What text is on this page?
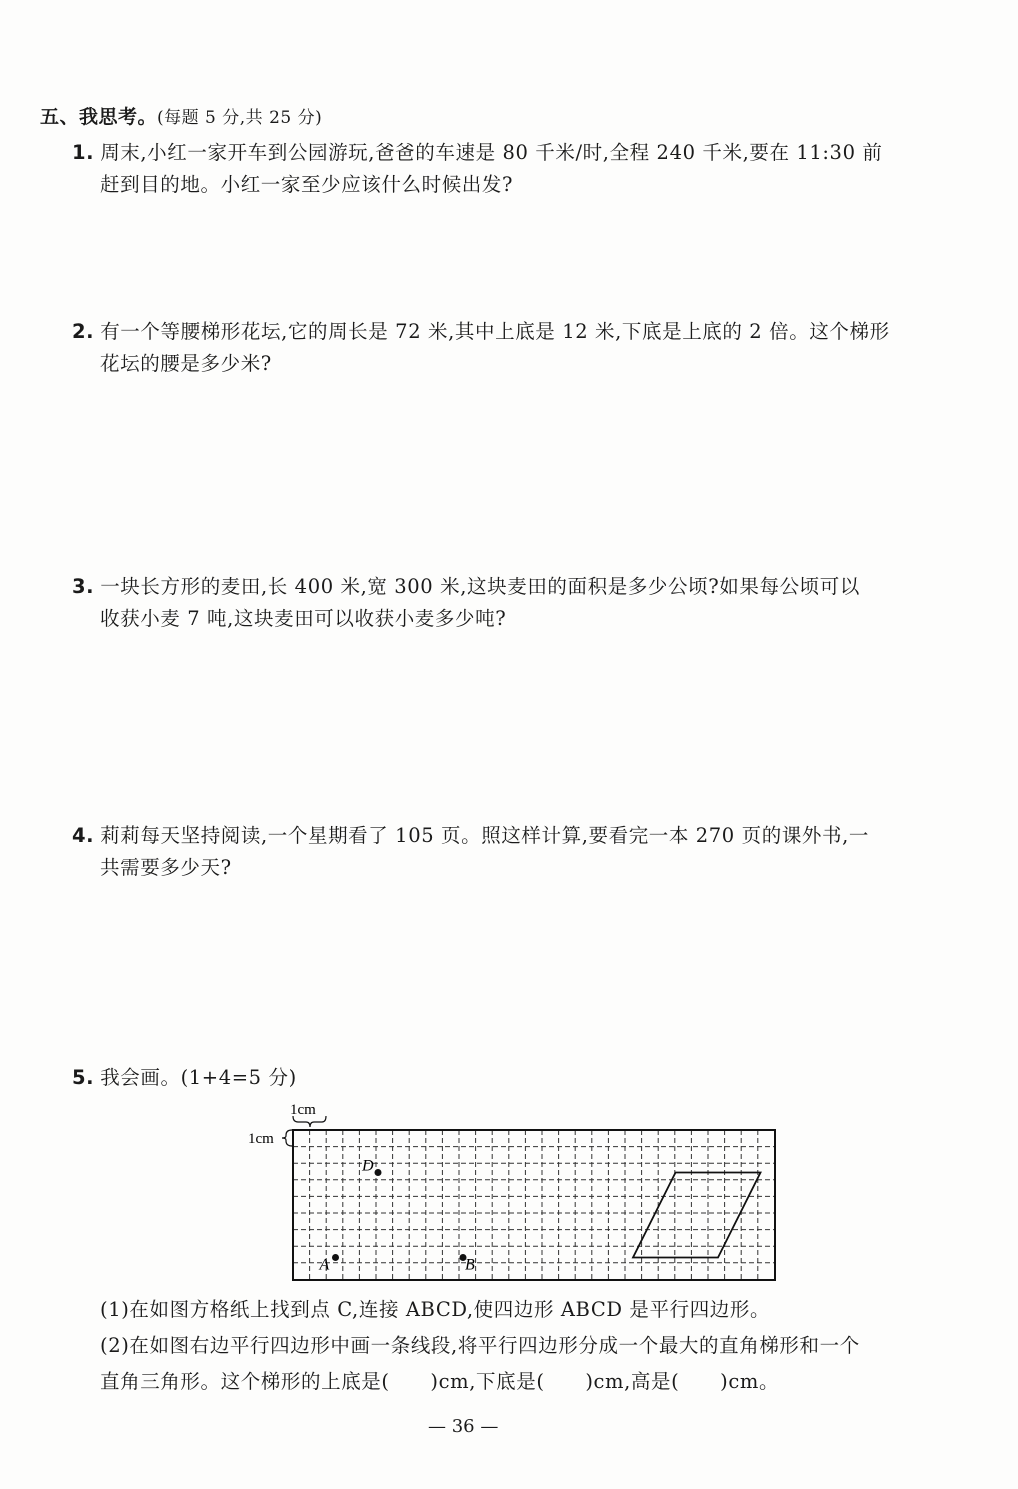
五、我思考。(每题 5 分,共 25 分)
1. 周末,小红一家开车到公园游玩,爸爸的车速是 80 千米/时,全程 240 千米,要在 11:30 前
赶到目的地。小红一家至少应该什么时候出发?
2. 有一个等腰梯形花坛,它的周长是 72 米,其中上底是 12 米,下底是上底的 2 倍。这个梯形
花坛的腰是多少米?
3. 一块长方形的麦田,长 400 米,宽 300 米,这块麦田的面积是多少公顷?如果每公顷可以
收获小麦 7 吨,这块麦田可以收获小麦多少吨?
4. 莉莉每天坚持阅读,一个星期看了 105 页。照这样计算,要看完一本 270 页的课外书,一
共需要多少天?
5. 我会画。(1+4=5 分)
1cm
1cm
D
A	B
(1)在如图方格纸上找到点 C,连接 ABCD,使四边形 ABCD 是平行四边形。
(2)在如图右边平行四边形中画一条线段,将平行四边形分成一个最大的直角梯形和一个
直角三角形。这个梯形的上底是(      )cm,下底是(      )cm,高是(      )cm。
— 36 —
